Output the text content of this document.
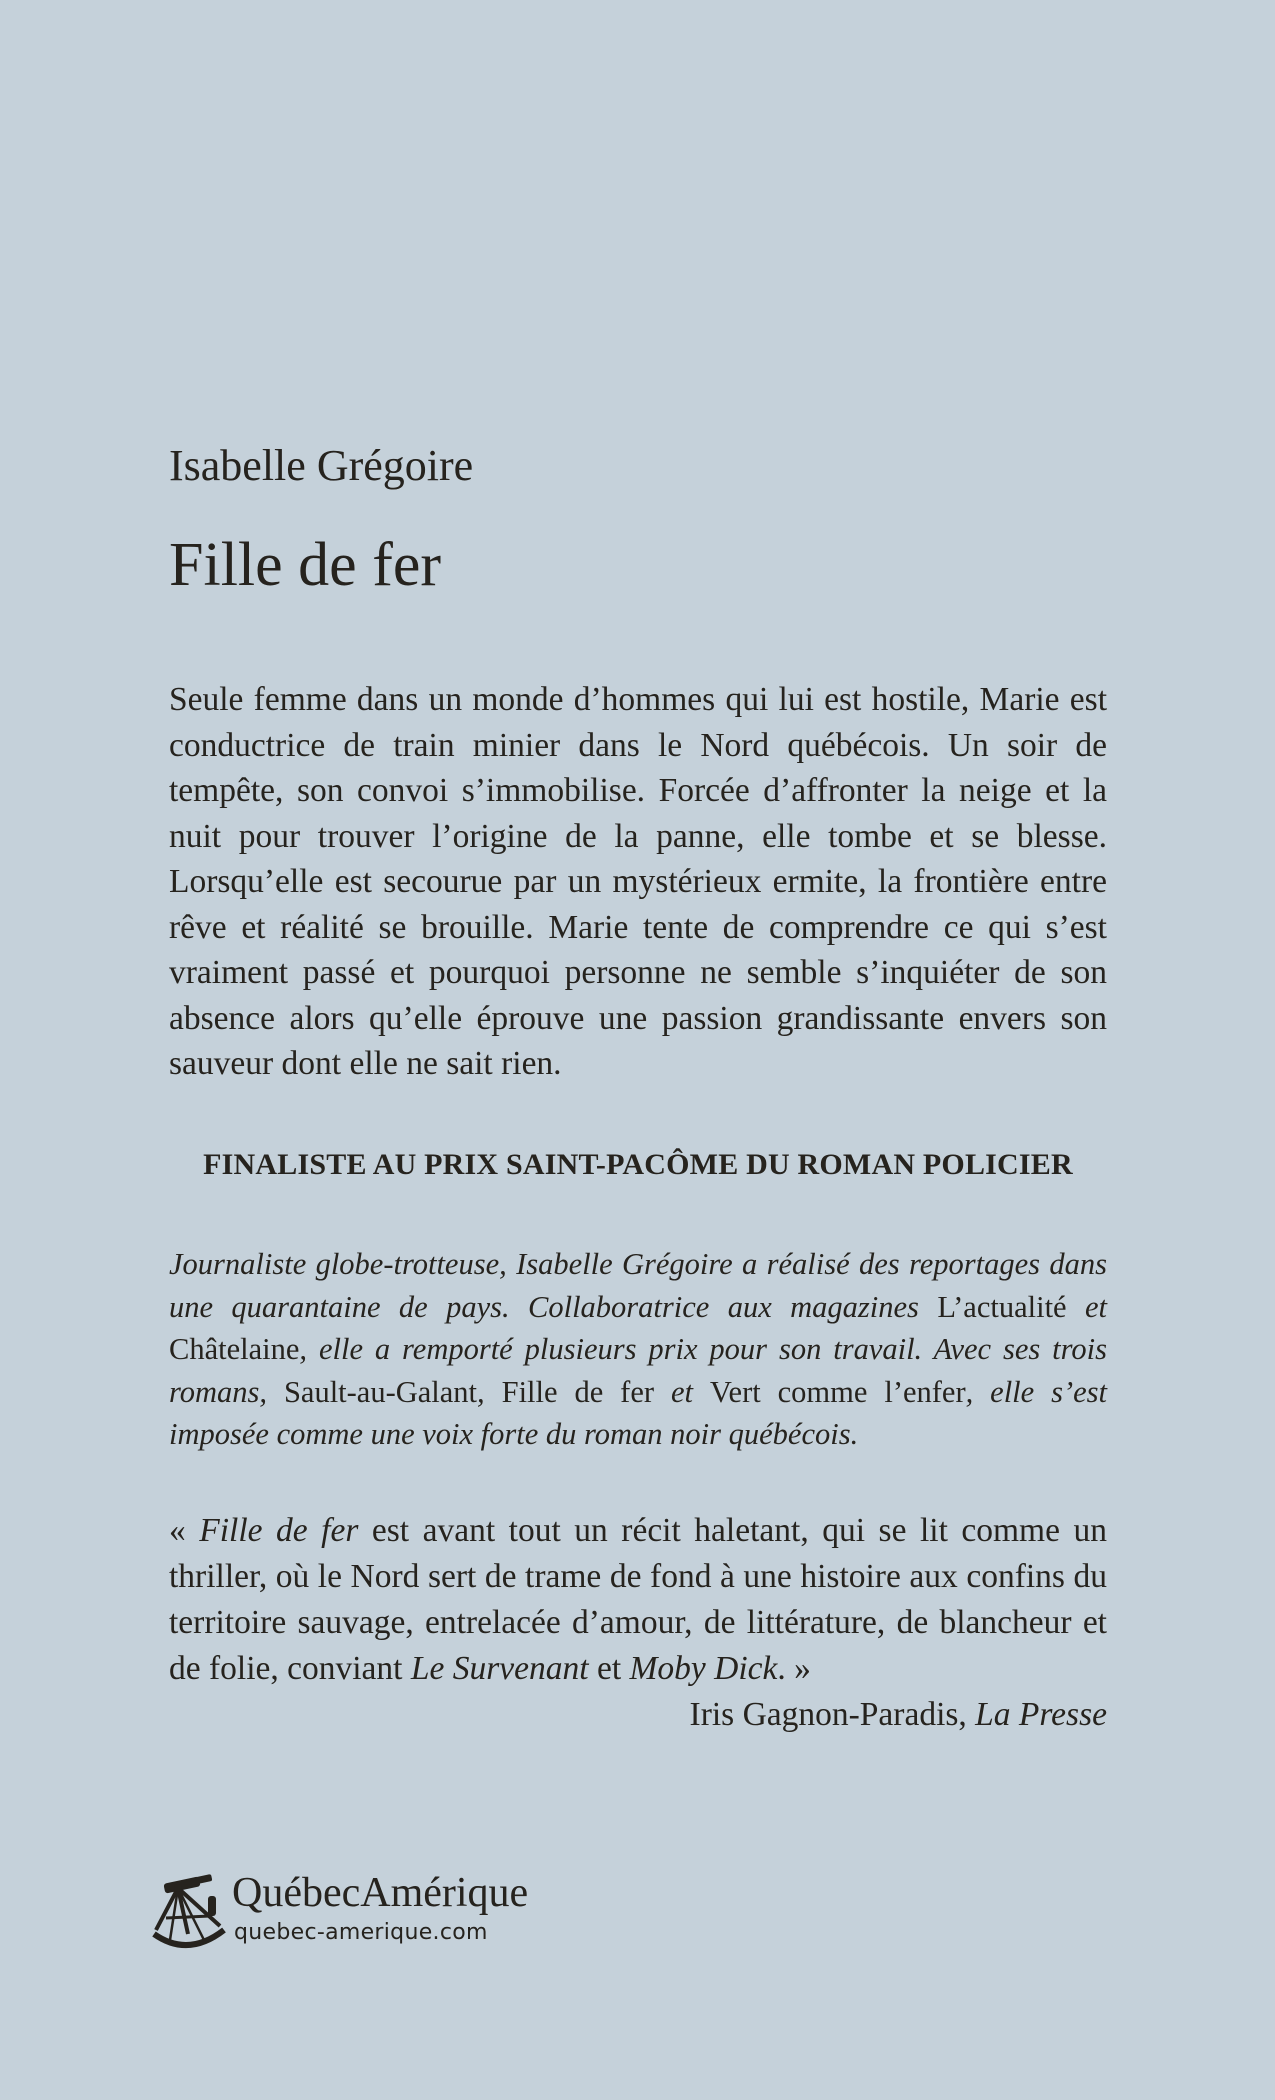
Isabelle Grégoire
Fille de fer

Seule femme dans un monde d’hommes qui lui est hostile, Marie est conductrice de train minier dans le Nord québécois. Un soir de tempête, son convoi s’immobilise. Forcée d’affronter la neige et la nuit pour trouver l’origine de la panne, elle tombe et se blesse. Lorsqu’elle est secourue par un mystérieux ermite, la frontière entre rêve et réalité se brouille. Marie tente de comprendre ce qui s’est vraiment passé et pourquoi personne ne semble s’inquiéter de son absence alors qu’elle éprouve une passion grandissante envers son sauveur dont elle ne sait rien.

FINALISTE AU PRIX SAINT-PACÔME DU ROMAN POLICIER

Journaliste globe-trotteuse, Isabelle Grégoire a réalisé des reportages dans une quarantaine de pays. Collaboratrice aux magazines L’actualité et Châtelaine, elle a remporté plusieurs prix pour son travail. Avec ses trois romans, Sault-au-Galant, Fille de fer et Vert comme l’enfer, elle s’est imposée comme une voix forte du roman noir québécois.

« Fille de fer est avant tout un récit haletant, qui se lit comme un thriller, où le Nord sert de trame de fond à une histoire aux confins du territoire sauvage, entrelacée d’amour, de littérature, de blancheur et de folie, conviant Le Survenant et Moby Dick. »

Iris Gagnon-Paradis, La Presse

QuébecAmérique
quebec-amerique.com
